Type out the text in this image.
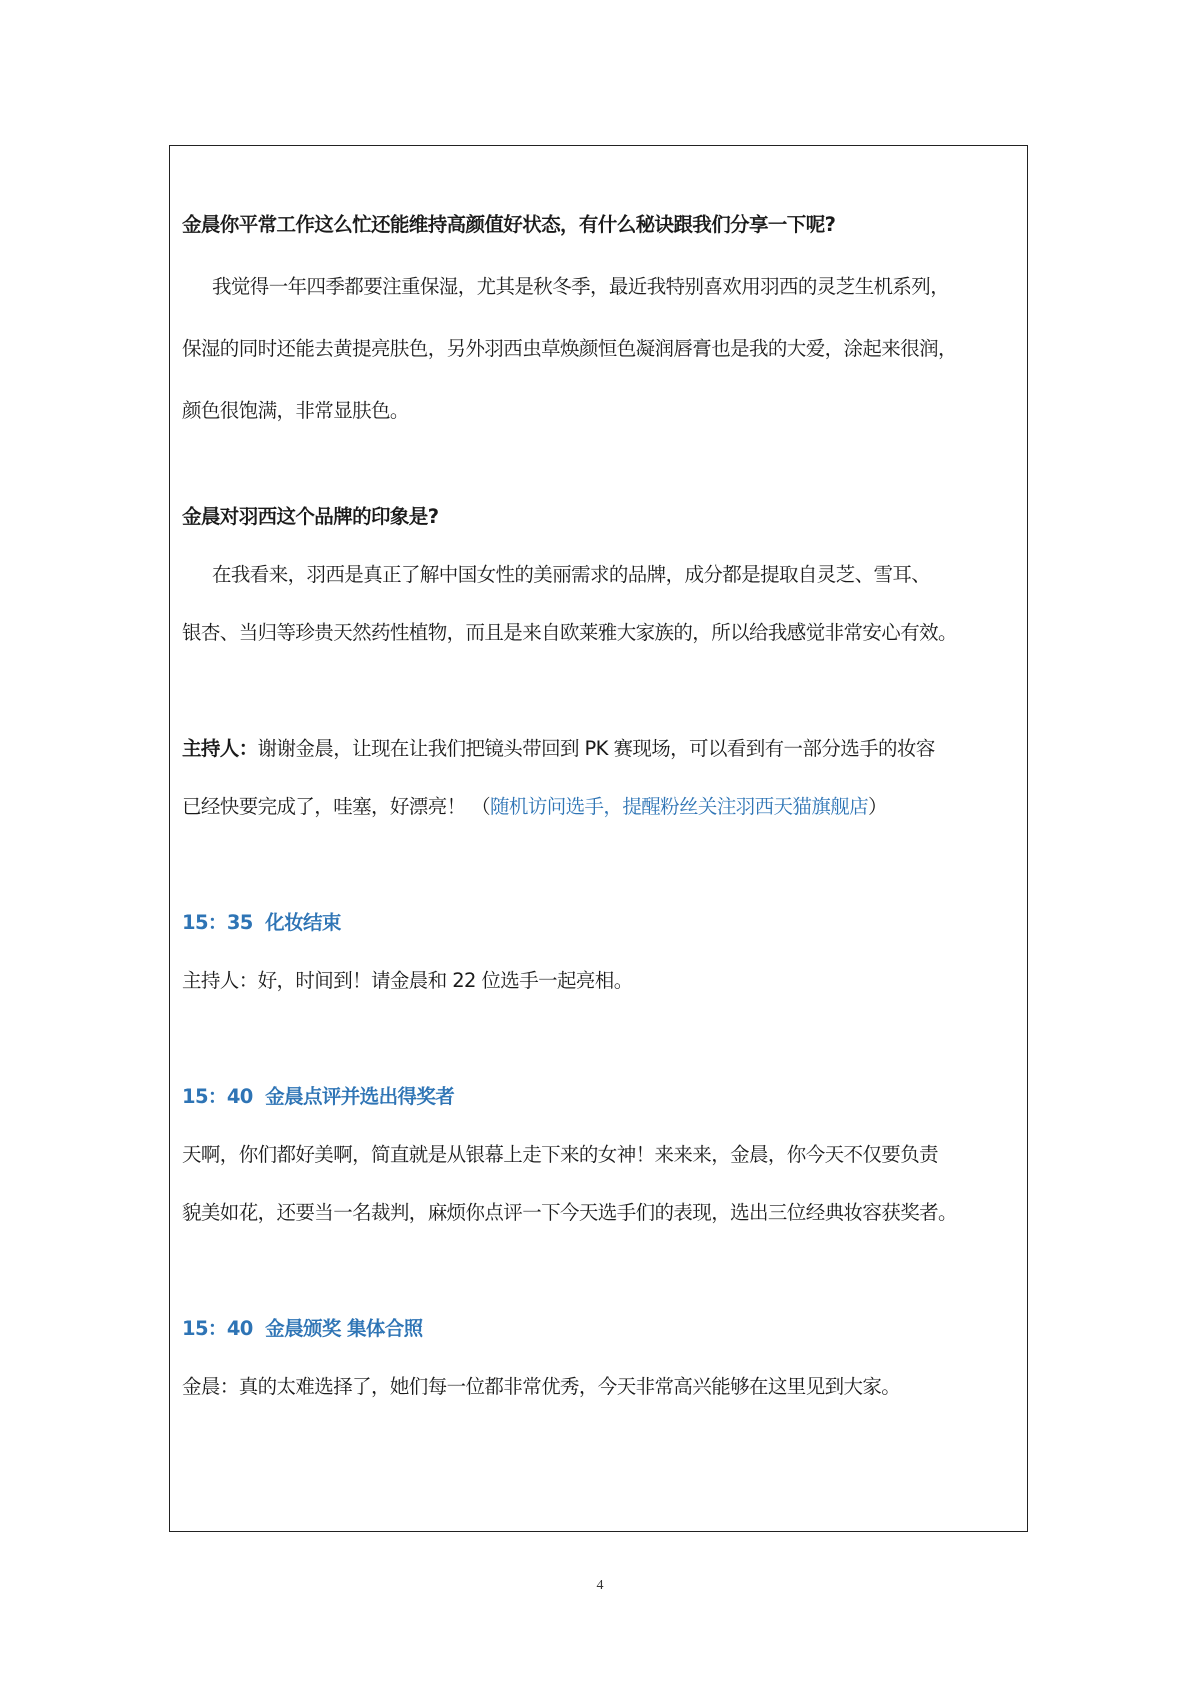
金晨你平常工作这么忙还能维持高颜值好状态，有什么秘诀跟我们分享一下呢?
我觉得一年四季都要注重保湿，尤其是秋冬季，最近我特别喜欢用羽西的灵芝生机系列，
保湿的同时还能去黄提亮肤色，另外羽西虫草焕颜恒色凝润唇膏也是我的大爱，涂起来很润，
颜色很饱满，非常显肤色。
金晨对羽西这个品牌的印象是?
在我看来，羽西是真正了解中国女性的美丽需求的品牌，成分都是提取自灵芝、雪耳、
银杏、当归等珍贵天然药性植物，而且是来自欧莱雅大家族的，所以给我感觉非常安心有效。
主持人：谢谢金晨，让现在让我们把镜头带回到 PK 赛现场，可以看到有一部分选手的妆容
已经快要完成了，哇塞，好漂亮！ （随机访问选手，提醒粉丝关注羽西天猫旗舰店）
15：35 化妆结束
主持人：好，时间到！请金晨和 22 位选手一起亮相。
15：40 金晨点评并选出得奖者
天啊，你们都好美啊，简直就是从银幕上走下来的女神！来来来，金晨，你今天不仅要负责
貌美如花，还要当一名裁判，麻烦你点评一下今天选手们的表现，选出三位经典妆容获奖者。
15：40 金晨颁奖 集体合照
金晨：真的太难选择了，她们每一位都非常优秀，今天非常高兴能够在这里见到大家。
4
